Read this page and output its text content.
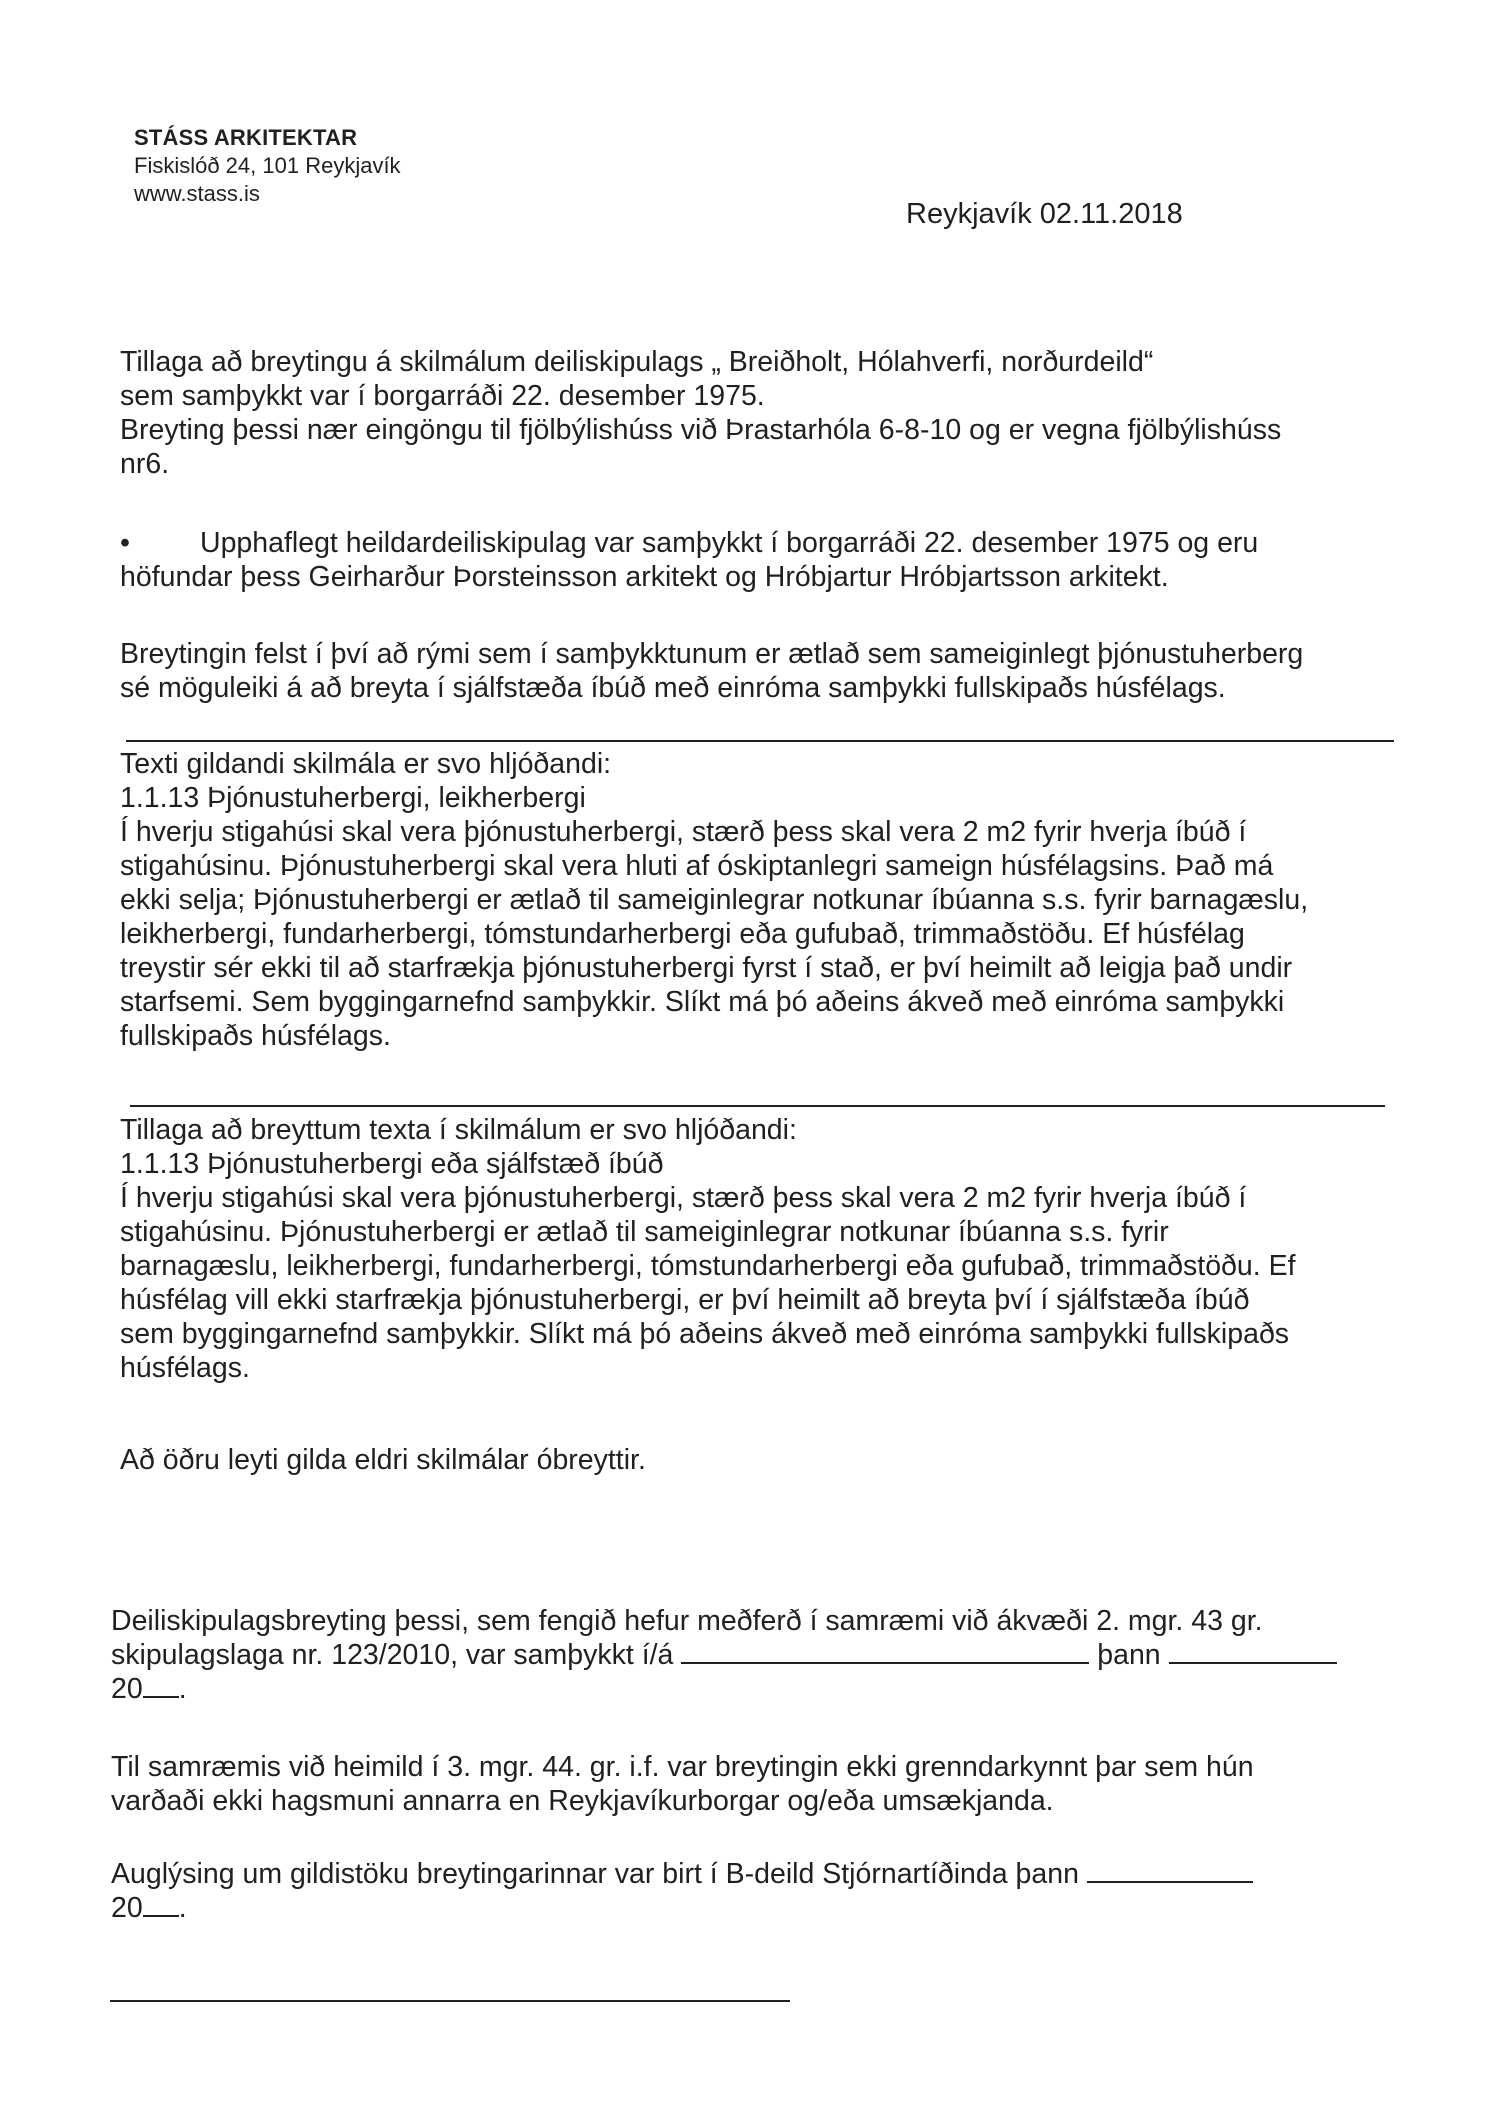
STÁSS ARKITEKTAR
Fiskislóð 24, 101 Reykjavík
www.stass.is
Reykjavík 02.11.2018

Tillaga að breytingu á skilmálum deiliskipulags „ Breiðholt, Hólahverfi, norðurdeild“

sem samþykkt var í borgarráði 22. desember 1975.

Breyting þessi nær eingöngu til fjölbýlishúss við Þrastarhóla 6-8-10 og er vegna fjölbýlishúss

nr6.

•	Upphaflegt heildardeiliskipulag var samþykkt í borgarráði 22. desember 1975 og eru

höfundar þess Geirharður Þorsteinsson arkitekt og Hróbjartur Hróbjartsson arkitekt.

Breytingin felst í því að rými sem í samþykktunum er ætlað sem sameiginlegt þjónustuherberg

sé möguleiki á að breyta í sjálfstæða íbúð með einróma samþykki fullskipaðs húsfélags.

Texti gildandi skilmála er svo hljóðandi:

1.1.13 Þjónustuherbergi, leikherbergi

Í hverju stigahúsi skal vera þjónustuherbergi, stærð þess skal vera 2 m2 fyrir hverja íbúð í

stigahúsinu. Þjónustuherbergi skal vera hluti af óskiptanlegri sameign húsfélagsins. Það má

ekki selja; Þjónustuherbergi er ætlað til sameiginlegrar notkunar íbúanna s.s. fyrir barnagæslu,

leikherbergi, fundarherbergi, tómstundarherbergi eða gufubað, trimmaðstöðu. Ef húsfélag

treystir sér ekki til að starfrækja þjónustuherbergi fyrst í stað, er því heimilt að leigja það undir

starfsemi. Sem byggingarnefnd samþykkir. Slíkt má þó aðeins ákveð með einróma samþykki

fullskipaðs húsfélags.

Tillaga að breyttum texta í skilmálum er svo hljóðandi:

1.1.13 Þjónustuherbergi eða sjálfstæð íbúð

Í hverju stigahúsi skal vera þjónustuherbergi, stærð þess skal vera 2 m2 fyrir hverja íbúð í

stigahúsinu. Þjónustuherbergi er ætlað til sameiginlegrar notkunar íbúanna s.s. fyrir

barnagæslu, leikherbergi, fundarherbergi, tómstundarherbergi eða gufubað, trimmaðstöðu. Ef

húsfélag vill ekki starfrækja þjónustuherbergi, er því heimilt að breyta því í sjálfstæða íbúð

sem byggingarnefnd samþykkir. Slíkt má þó aðeins ákveð með einróma samþykki fullskipaðs

húsfélags.

Að öðru leyti gilda eldri skilmálar óbreyttir.

Deiliskipulagsbreyting þessi, sem fengið hefur meðferð í samræmi við ákvæði 2. mgr. 43 gr.

skipulagslaga nr. 123/2010, var samþykkt í/á	þann

20 .

Til samræmis við heimild í 3. mgr. 44. gr. i.f. var breytingin ekki grenndarkynnt þar sem hún

varðaði ekki hagsmuni annarra en Reykjavíkurborgar og/eða umsækjanda.

Auglýsing um gildistöku breytingarinnar var birt í B-deild Stjórnartíðinda þann

20 .
